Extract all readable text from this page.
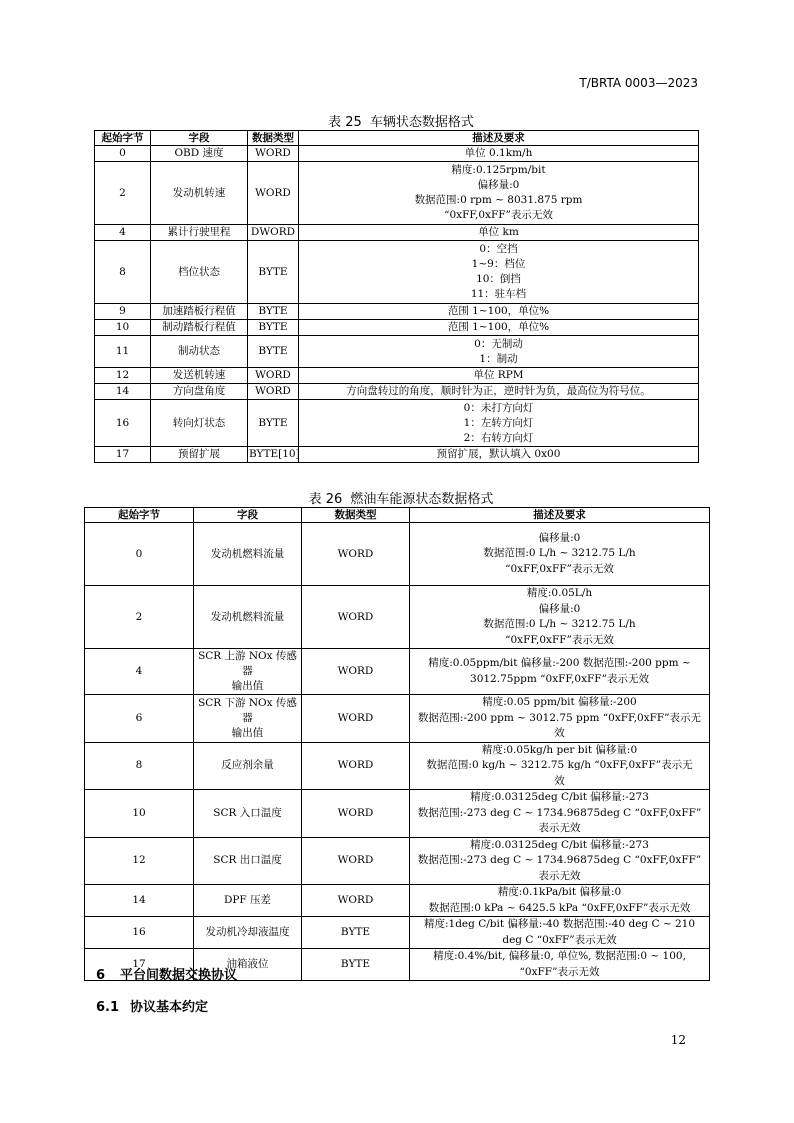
T/BRTA 0003—2023
表 25 车辆状态数据格式
起始字节	字段	数据类型	描述及要求
0	OBD 速度	WORD	单位 0.1km/h
2	发动机转速	WORD	精度:0.125rpm/bit
偏移量:0
数据范围:0 rpm ~ 8031.875 rpm
“0xFF,0xFF”表示无效
4	累计行驶里程	DWORD	单位 km
8	档位状态	BYTE	0：空挡
1~9：档位
10：倒挡
11：驻车档
9	加速踏板行程值	BYTE	范围 1~100，单位%
10	制动踏板行程值	BYTE	范围 1~100，单位%
11	制动状态	BYTE	0：无制动
1：制动
12	发送机转速	WORD	单位 RPM
14	方向盘角度	WORD	方向盘转过的角度，顺时针为正，逆时针为负，最高位为符号位。
16	转向灯状态	BYTE	0：未打方向灯
1：左转方向灯
2：右转方向灯
17	预留扩展	BYTE[10]	预留扩展，默认填入 0x00
表 26 燃油车能源状态数据格式
起始字节	字段	数据类型	描述及要求
0	发动机燃料流量	WORD	偏移量:0
数据范围:0 L/h ~ 3212.75 L/h
“0xFF,0xFF”表示无效
2	发动机燃料流量	WORD	精度:0.05L/h
偏移量:0
数据范围:0 L/h ~ 3212.75 L/h
“0xFF,0xFF”表示无效
4	SCR 上游 NOx 传感器
输出值	WORD	精度:0.05ppm/bit 偏移量:-200 数据范围:-200 ppm ~
3012.75ppm “0xFF,0xFF”表示无效
6	SCR 下游 NOx 传感器
输出值	WORD	精度:0.05 ppm/bit 偏移量:-200
数据范围:-200 ppm ~ 3012.75 ppm “0xFF,0xFF”表示无
效
8	反应剂余量	WORD	精度:0.05kg/h per bit 偏移量:0
数据范围:0 kg/h ~ 3212.75 kg/h “0xFF,0xFF”表示无
效
10	SCR 入口温度	WORD	精度:0.03125deg C/bit 偏移量:-273
数据范围:-273 deg C ~ 1734.96875deg C “0xFF,0xFF”
表示无效
12	SCR 出口温度	WORD	精度:0.03125deg C/bit 偏移量:-273
数据范围:-273 deg C ~ 1734.96875deg C “0xFF,0xFF”
表示无效
14	DPF 压差	WORD	精度:0.1kPa/bit 偏移量:0
数据范围:0 kPa ~ 6425.5 kPa “0xFF,0xFF”表示无效
16	发动机冷却液温度	BYTE	精度:1deg C/bit 偏移量:-40 数据范围:-40 deg C ~ 210
deg C “0xFF”表示无效
17	油箱液位	BYTE	精度:0.4%/bit, 偏移量:0, 单位%, 数据范围:0 ~ 100,
“0xFF”表示无效
6 平台间数据交换协议
6.1 协议基本约定
12
